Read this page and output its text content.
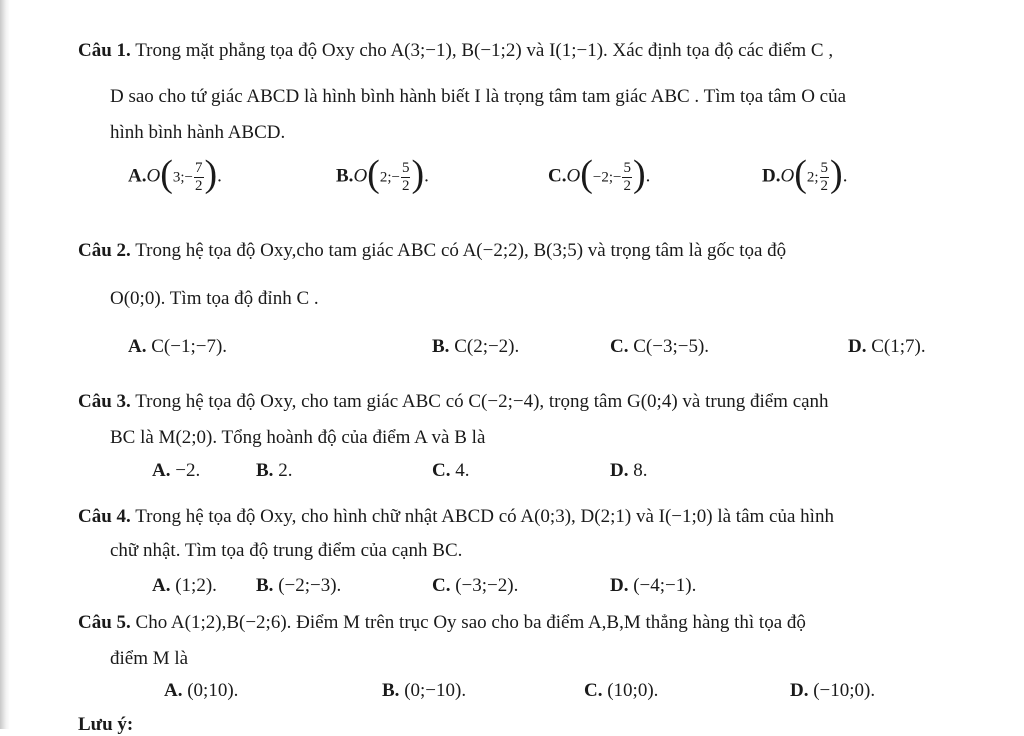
Câu 1. Trong mặt phẳng tọa độ Oxy cho A(3;−1), B(−1;2) và I(1;−1). Xác định tọa độ các điểm C ,
D sao cho tứ giác ABCD là hình bình hành biết I là trọng tâm tam giác ABC . Tìm tọa tâm O của
hình bình hành ABCD.
A.O(3;− $\frac{7}{2}$ ).	B.O(2;− $\frac{5}{2}$ ).	C.O(−2;− $\frac{5}{2}$ ).	D.O(2; $\frac{5}{2}$ ).
Câu 2. Trong hệ tọa độ Oxy,cho tam giác ABC có A(−2;2), B(3;5) và trọng tâm là gốc tọa độ
O(0;0). Tìm tọa độ đỉnh C .
A. C(−1;−7).	B. C(2;−2).	C. C(−3;−5).	D. C(1;7).
Câu 3. Trong hệ tọa độ Oxy, cho tam giác ABC có C(−2;−4), trọng tâm G(0;4) và trung điểm cạnh
BC là M(2;0). Tổng hoành độ của điểm A và B là
A. −2.	B. 2.	C. 4.	D. 8.
Câu 4. Trong hệ tọa độ Oxy, cho hình chữ nhật ABCD có A(0;3), D(2;1) và I(−1;0) là tâm của hình
chữ nhật. Tìm tọa độ trung điểm của cạnh BC.
A. (1;2). B. (−2;−3).	C. (−3;−2).	D. (−4;−1).
Câu 5. Cho A(1;2),B(−2;6). Điểm M trên trục Oy sao cho ba điểm A,B,M thẳng hàng thì tọa độ
điểm M là
A. (0;10).	B. (0;−10).	C. (10;0).	D. (−10;0).
Lưu ý:
